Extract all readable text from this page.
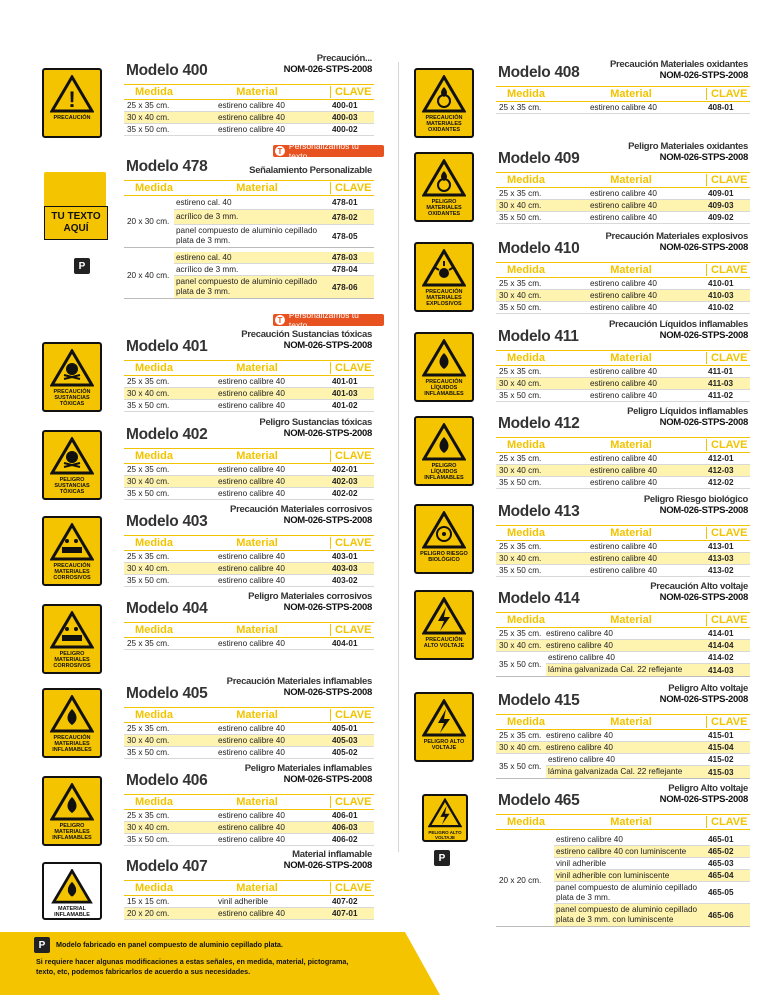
!
PRECAUCIÓN
TU TEXTO
AQUÍ
P
PRECAUCIÓN SUSTANCIAS TÓXICAS
PELIGRO SUSTANCIAS TÓXICAS
PRECAUCIÓN MATERIALES CORROSIVOS
PELIGRO MATERIALES CORROSIVOS
PRECAUCIÓN MATERIALES INFLAMABLES
PELIGRO MATERIALES INFLAMABLES
MATERIAL INFLAMABLE
Modelo 400
Precaución...
NOM-026-STPS-2008
Medida	Material	CLAVE
25 x 35 cm.	estireno calibre 40	400-01
30 x 40 cm.	estireno calibre 40	400-03
35 x 50 cm.	estireno calibre 40	400-02
T Personalizamos tu texto
Modelo 478	Señalamiento Personalizable
Medida	Material	CLAVE
20 x 30 cm.
estireno cal. 40	478-01
acrílico de 3 mm.	478-02
panel compuesto de aluminio cepillado plata de 3 mm.	478-05
20 x 40 cm.
estireno cal. 40	478-03
acrílico de 3 mm.	478-04
panel compuesto de aluminio cepillado plata de 3 mm.	478-06
T Personalizamos tu texto
Modelo 401
Precaución Sustancias tóxicas
NOM-026-STPS-2008
Medida	Material	CLAVE
25 x 35 cm.	estireno calibre 40	401-01
30 x 40 cm.	estireno calibre 40	401-03
35 x 50 cm.	estireno calibre 40	401-02
Modelo 402
Peligro Sustancias tóxicas
NOM-026-STPS-2008
Medida	Material	CLAVE
25 x 35 cm.	estireno calibre 40	402-01
30 x 40 cm.	estireno calibre 40	402-03
35 x 50 cm.	estireno calibre 40	402-02
Modelo 403
Precaución Materiales corrosivos
NOM-026-STPS-2008
Medida	Material	CLAVE
25 x 35 cm.	estireno calibre 40	403-01
30 x 40 cm.	estireno calibre 40	403-03
35 x 50 cm.	estireno calibre 40	403-02
Modelo 404
Peligro Materiales corrosivos
NOM-026-STPS-2008
Medida	Material	CLAVE
25 x 35 cm.	estireno calibre 40	404-01
Modelo 405
Precaución Materiales inflamables
NOM-026-STPS-2008
Medida	Material	CLAVE
25 x 35 cm.	estireno calibre 40	405-01
30 x 40 cm.	estireno calibre 40	405-03
35 x 50 cm.	estireno calibre 40	405-02
Modelo 406
Peligro Materiales inflamables
NOM-026-STPS-2008
Medida	Material	CLAVE
25 x 35 cm.	estireno calibre 40	406-01
30 x 40 cm.	estireno calibre 40	406-03
35 x 50 cm.	estireno calibre 40	406-02
Modelo 407
Material inflamable
NOM-026-STPS-2008
Medida	Material	CLAVE
15 x 15 cm.	vinil adherible	407-02
20 x 20 cm.	estireno calibre 40	407-01
PRECAUCIÓN MATERIALES OXIDANTES
PELIGRO MATERIALES OXIDANTES
PRECAUCIÓN MATERIALES EXPLOSIVOS
PRECAUCIÓN LÍQUIDOS INFLAMABLES
PELIGRO LÍQUIDOS INFLAMABLES
PELIGRO RIESGO BIOLÓGICO
PRECAUCIÓN ALTO VOLTAJE
PELIGRO ALTO VOLTAJE
PELIGRO ALTO VOLTAJE
P
Modelo 408	Precaución Materiales oxidantes
NOM-026-STPS-2008
Medida	Material	CLAVE
25 x 35 cm.	estireno calibre 40	408-01
Modelo 409
Peligro Materiales oxidantes
NOM-026-STPS-2008
Medida	Material	CLAVE
25 x 35 cm.	estireno calibre 40	409-01
30 x 40 cm.	estireno calibre 40	409-03
35 x 50 cm.	estireno calibre 40	409-02
Modelo 410
Precaución Materiales explosivos
NOM-026-STPS-2008
Medida	Material	CLAVE
25 x 35 cm.	estireno calibre 40	410-01
30 x 40 cm.	estireno calibre 40	410-03
35 x 50 cm.	estireno calibre 40	410-02
Modelo 411
Precaución Líquidos inflamables
NOM-026-STPS-2008
Medida	Material	CLAVE
25 x 35 cm.	estireno calibre 40	411-01
30 x 40 cm.	estireno calibre 40	411-03
35 x 50 cm.	estireno calibre 40	411-02
Modelo 412
Peligro Líquidos inflamables
NOM-026-STPS-2008
Medida	Material	CLAVE
25 x 35 cm.	estireno calibre 40	412-01
30 x 40 cm.	estireno calibre 40	412-03
35 x 50 cm.	estireno calibre 40	412-02
Modelo 413
Peligro Riesgo biológico
NOM-026-STPS-2008
Medida	Material	CLAVE
25 x 35 cm.	estireno calibre 40	413-01
30 x 40 cm.	estireno calibre 40	413-03
35 x 50 cm.	estireno calibre 40	413-02
Modelo 414
Precaución Alto voltaje
NOM-026-STPS-2008
Medida	Material	CLAVE
25 x 35 cm. estireno calibre 40	414-01
30 x 40 cm. estireno calibre 40	414-04
35 x 50 cm.
estireno calibre 40	414-02
lámina galvanizada Cal. 22 reflejante	414-03
Modelo 415
Peligro Alto voltaje
NOM-026-STPS-2008
Medida	Material	CLAVE
25 x 35 cm. estireno calibre 40	415-01
30 x 40 cm. estireno calibre 40	415-04
35 x 50 cm.
estireno calibre 40	415-02
lámina galvanizada Cal. 22 reflejante	415-03
Modelo 465
Peligro Alto voltaje
NOM-026-STPS-2008
Medida	Material	CLAVE
20 x 20 cm.
estireno calibre 40	465-01
estireno calibre 40 con luminiscente	465-02
vinil adherible	465-03
vinil adherible con luminiscente	465-04
panel compuesto de aluminio cepillado plata de 3 mm.	465-05
panel compuesto de aluminio cepillado plata de 3 mm. con luminiscente	465-06
P	Modelo fabricado en panel compuesto de aluminio cepillado plata.
Si requiere hacer algunas modificaciones a estas señales, en medida, material, pictograma,
texto, etc, podemos fabricarlos de acuerdo a sus necesidades.
